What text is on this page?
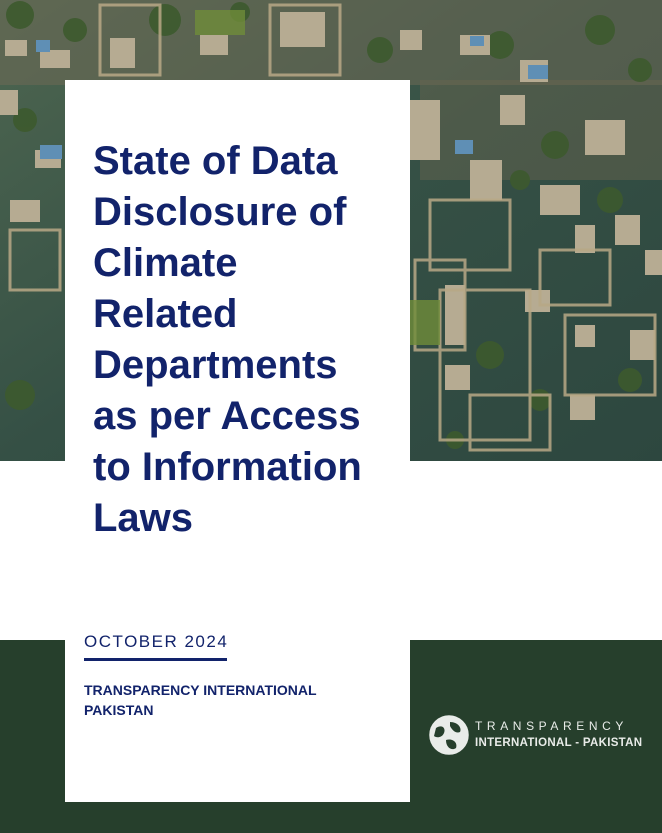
State of Data Disclosure of Climate Related Departments as per Access to Information Laws

OCTOBER 2024

TRANSPARENCY INTERNATIONAL PAKISTAN

TRANSPARENCY
INTERNATIONAL - PAKISTAN
